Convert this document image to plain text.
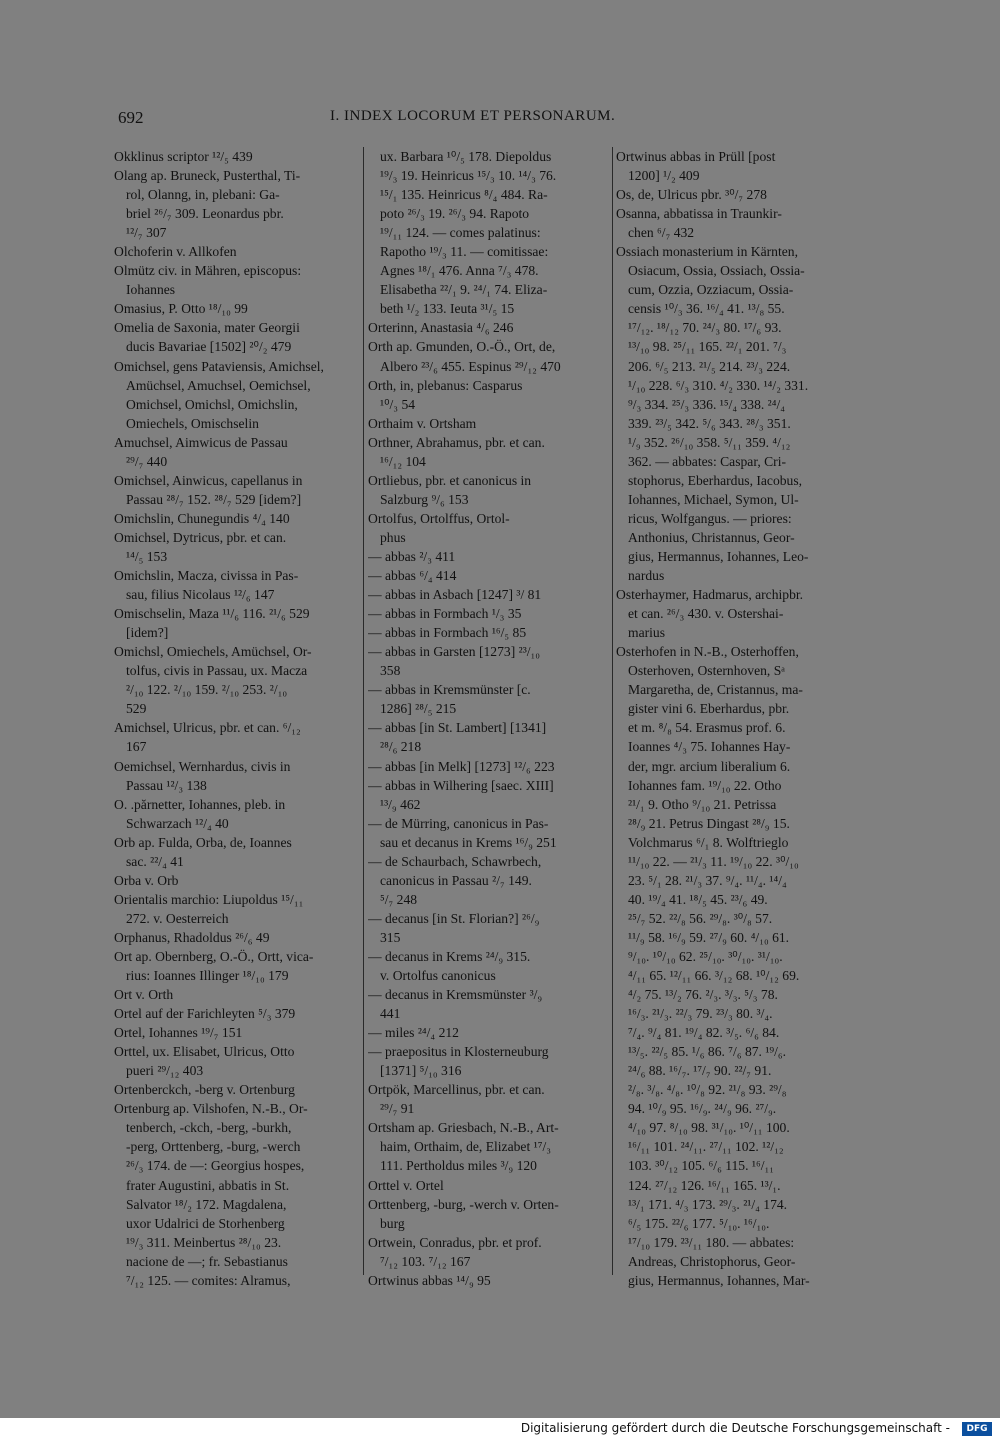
692	I. INDEX LOCORUM ET PERSONARUM.
Okklinus scriptor ¹²/₅ 439
Olang ap. Bruneck, Pusterthal, Ti-
rol, Olanng, in, plebani: Ga-
briel ²⁶/₇ 309. Leonardus pbr.
¹²/₇ 307
Olchoferin v. Allkofen
Olmütz civ. in Mähren, episcopus:
Iohannes
Omasius, P. Otto ¹⁸/₁₀ 99
Omelia de Saxonia, mater Georgii
ducis Bavariae [1502] ²⁰/₂ 479
Omichsel, gens Pataviensis, Amichsel,
Amüchsel, Amuchsel, Oemichsel,
Omichsel, Omichsl, Omichslin,
Omiechels, Omischselin
Amuchsel, Aimwicus de Passau
²⁹/₇ 440
Omichsel, Ainwicus, capellanus in
Passau ²⁸/₇ 152. ²⁸/₇ 529 [idem?]
Omichslin, Chunegundis ⁴/₄ 140
Omichsel, Dytricus, pbr. et can.
¹⁴/₅ 153
Omichslin, Macza, civissa in Pas-
sau, filius Nicolaus ¹²/₆ 147
Omischselin, Maza ¹¹/₆ 116. ²¹/₆ 529
[idem?]
Omichsl, Omiechels, Amüchsel, Or-
tolfus, civis in Passau, ux. Macza
²/₁₀ 122. ²/₁₀ 159. ²/₁₀ 253. ²/₁₀
529
Amichsel, Ulricus, pbr. et can. ⁶/₁₂
167
Oemichsel, Wernhardus, civis in
Passau ¹²/₃ 138
O. .părnetter, Iohannes, pleb. in
Schwarzach ¹²/₄ 40
Orb ap. Fulda, Orba, de, Ioannes
sac. ²²/₄ 41
Orba v. Orb
Orientalis marchio: Liupoldus ¹⁵/₁₁
272. v. Oesterreich
Orphanus, Rhadoldus ²⁶/₆ 49
Ort ap. Obernberg, O.-Ö., Ortt, vica-
rius: Ioannes Illinger ¹⁸/₁₀ 179
Ort v. Orth
Ortel auf der Farichleyten ⁵/₃ 379
Ortel, Iohannes ¹⁹/₇ 151
Orttel, ux. Elisabet, Ulricus, Otto
pueri ²⁹/₁₂ 403
Ortenberckch, -berg v. Ortenburg
Ortenburg ap. Vilshofen, N.-B., Or-
tenberch, -ckch, -berg, -burkh,
-perg, Orttenberg, -burg, -werch
²⁶/₃ 174. de —: Georgius hospes,
frater Augustini, abbatis in St.
Salvator ¹⁸/₂ 172. Magdalena,
uxor Udalrici de Storhenberg
¹⁹/₃ 311. Meinbertus ²⁸/₁₀ 23.
nacione de —; fr. Sebastianus
⁷/₁₂ 125. — comites: Alramus,
ux. Barbara ¹⁰/₅ 178. Diepoldus
¹⁹/₃ 19. Heinricus ¹⁵/₃ 10. ¹⁴/₃ 76.
¹⁵/₁ 135. Heinricus ⁸/₄ 484. Ra-
poto ²⁶/₃ 19. ²⁶/₃ 94. Rapoto
¹⁹/₁₁ 124. — comes palatinus:
Rapotho ¹⁹/₃ 11. — comitissae:
Agnes ¹⁸/₁ 476. Anna ⁷/₃ 478.
Elisabetha ²²/₁ 9. ²⁴/₁ 74. Eliza-
beth ¹/₂ 133. Ieuta ³¹/₅ 15
Orterinn, Anastasia ⁴/₆ 246
Orth ap. Gmunden, O.-Ö., Ort, de,
Albero ²³/₆ 455. Espinus ²⁹/₁₂ 470
Orth, in, plebanus: Casparus
¹⁰/₃ 54
Orthaim v. Ortsham
Orthner, Abrahamus, pbr. et can.
¹⁶/₁₂ 104
Ortliebus, pbr. et canonicus in
Salzburg ⁹/₆ 153
Ortolfus, Ortolffus, Ortol-
phus
— abbas ²/₃ 411
— abbas ⁶/₄ 414
— abbas in Asbach [1247] ³/ 81
— abbas in Formbach ¹/₃ 35
— abbas in Formbach ¹⁶/₅ 85
— abbas in Garsten [1273] ²³/₁₀
358
— abbas in Kremsmünster [c.
1286] ²⁸/₅ 215
— abbas [in St. Lambert] [1341]
²⁸/₆ 218
— abbas [in Melk] [1273] ¹²/₆ 223
— abbas in Wilhering [saec. XIII]
¹³/₉ 462
— de Mürring, canonicus in Pas-
sau et decanus in Krems ¹⁶/₉ 251
— de Schaurbach, Schawrbech,
canonicus in Passau ²/₇ 149.
⁵/₇ 248
— decanus [in St. Florian?] ²⁶/₉
315
— decanus in Krems ²⁴/₉ 315.
v. Ortolfus canonicus
— decanus in Kremsmünster ³/₉
441
— miles ²⁴/₄ 212
— praepositus in Klosterneuburg
[1371] ⁵/₁₀ 316
Ortpök, Marcellinus, pbr. et can.
²⁹/₇ 91
Ortsham ap. Griesbach, N.-B., Art-
haim, Orthaim, de, Elizabet ¹⁷/₃
111. Pertholdus miles ³/₉ 120
Orttel v. Ortel
Orttenberg, -burg, -werch v. Orten-
burg
Ortwein, Conradus, pbr. et prof.
⁷/₁₂ 103. ⁷/₁₂ 167
Ortwinus abbas ¹⁴/₉ 95
Ortwinus abbas in Prüll [post
1200] ¹/₂ 409
Os, de, Ulricus pbr. ³⁰/₇ 278
Osanna, abbatissa in Traunkir-
chen ⁶/₇ 432
Ossiach monasterium in Kärnten,
Osiacum, Ossia, Ossiach, Ossia-
cum, Ozzia, Ozziacum, Ossia-
censis ¹⁰/₃ 36. ¹⁶/₄ 41. ¹³/₈ 55.
¹⁷/₁₂. ¹⁸/₁₂ 70. ²⁴/₃ 80. ¹⁷/₆ 93.
¹³/₁₀ 98. ²⁵/₁₁ 165. ²²/₁ 201. ⁷/₃
206. ⁶/₅ 213. ²¹/₅ 214. ²³/₃ 224.
¹/₁₀ 228. ⁶/₃ 310. ⁴/₂ 330. ¹⁴/₂ 331.
⁹/₃ 334. ²⁵/₃ 336. ¹⁵/₄ 338. ²⁴/₄
339. ²³/₅ 342. ⁵/₆ 343. ²⁸/₃ 351.
¹/₉ 352. ²⁶/₁₀ 358. ⁵/₁₁ 359. ⁴/₁₂
362. — abbates: Caspar, Cri-
stophorus, Eberhardus, Iacobus,
Iohannes, Michael, Symon, Ul-
ricus, Wolfgangus. — priores:
Anthonius, Christannus, Geor-
gius, Hermannus, Iohannes, Leo-
nardus
Osterhaymer, Hadmarus, archipbr.
et can. ²⁶/₃ 430. v. Ostershai-
marius
Osterhofen in N.-B., Osterhoffen,
Osterhoven, Osternhoven, Sᵃ
Margaretha, de, Cristannus, ma-
gister vini 6. Eberhardus, pbr.
et m. ⁸/₈ 54. Erasmus prof. 6.
Ioannes ⁴/₃ 75. Iohannes Hay-
der, mgr. arcium liberalium 6.
Iohannes fam. ¹⁹/₁₀ 22. Otho
²¹/₁ 9. Otho ⁹/₁₀ 21. Petrissa
²⁸/₉ 21. Petrus Dingast ²⁸/₉ 15.
Volchmarus ⁶/₁ 8. Wolftrieglo
¹¹/₁₀ 22. — ²¹/₃ 11. ¹⁹/₁₀ 22. ³⁰/₁₀
23. ⁵/₁ 28. ²¹/₃ 37. ⁹/₄. ¹¹/₄. ¹⁴/₄
40. ¹⁹/₄ 41. ¹⁸/₅ 45. ²³/₆ 49.
²⁵/₇ 52. ²²/₈ 56. ²⁹/₈. ³⁰/₈ 57.
¹¹/₉ 58. ¹⁶/₉ 59. ²⁷/₉ 60. ⁴/₁₀ 61.
⁹/₁₀. ¹⁰/₁₀ 62. ²⁵/₁₀. ³⁰/₁₀. ³¹/₁₀.
⁴/₁₁ 65. ¹²/₁₁ 66. ³/₁₂ 68. ¹⁰/₁₂ 69.
⁴/₂ 75. ¹³/₂ 76. ²/₃. ³/₃. ⁵/₃ 78.
¹⁶/₃. ²¹/₃. ²²/₃ 79. ²³/₃ 80. ³/₄.
⁷/₄. ⁹/₄ 81. ¹⁹/₄ 82. ³/₅. ⁶/₆ 84.
¹³/₅. ²²/₅ 85. ¹/₆ 86. ⁷/₆ 87. ¹⁹/₆.
²⁴/₆ 88. ¹⁶/₇. ¹⁷/₇ 90. ²²/₇ 91.
²/₈. ³/₈. ⁴/₈. ¹⁰/₈ 92. ²¹/₈ 93. ²⁹/₈
94. ¹⁰/₉ 95. ¹⁶/₉. ²⁴/₉ 96. ²⁷/₉.
⁴/₁₀ 97. ⁸/₁₀ 98. ³¹/₁₀. ¹⁰/₁₁ 100.
¹⁶/₁₁ 101. ²⁴/₁₁. ²⁷/₁₁ 102. ¹²/₁₂
103. ³⁰/₁₂ 105. ⁶/₆ 115. ¹⁶/₁₁
124. ²⁷/₁₂ 126. ¹⁶/₁₁ 165. ¹³/₁.
¹³/₁ 171. ⁴/₃ 173. ²⁹/₃. ²¹/₄ 174.
⁶/₅ 175. ²²/₆ 177. ⁵/₁₀. ¹⁶/₁₀.
¹⁷/₁₀ 179. ²³/₁₁ 180. — abbates:
Andreas, Christophorus, Geor-
gius, Hermannus, Iohannes, Mar-
Digitalisierung gefördert durch die Deutsche Forschungsgemeinschaft -	DFG
